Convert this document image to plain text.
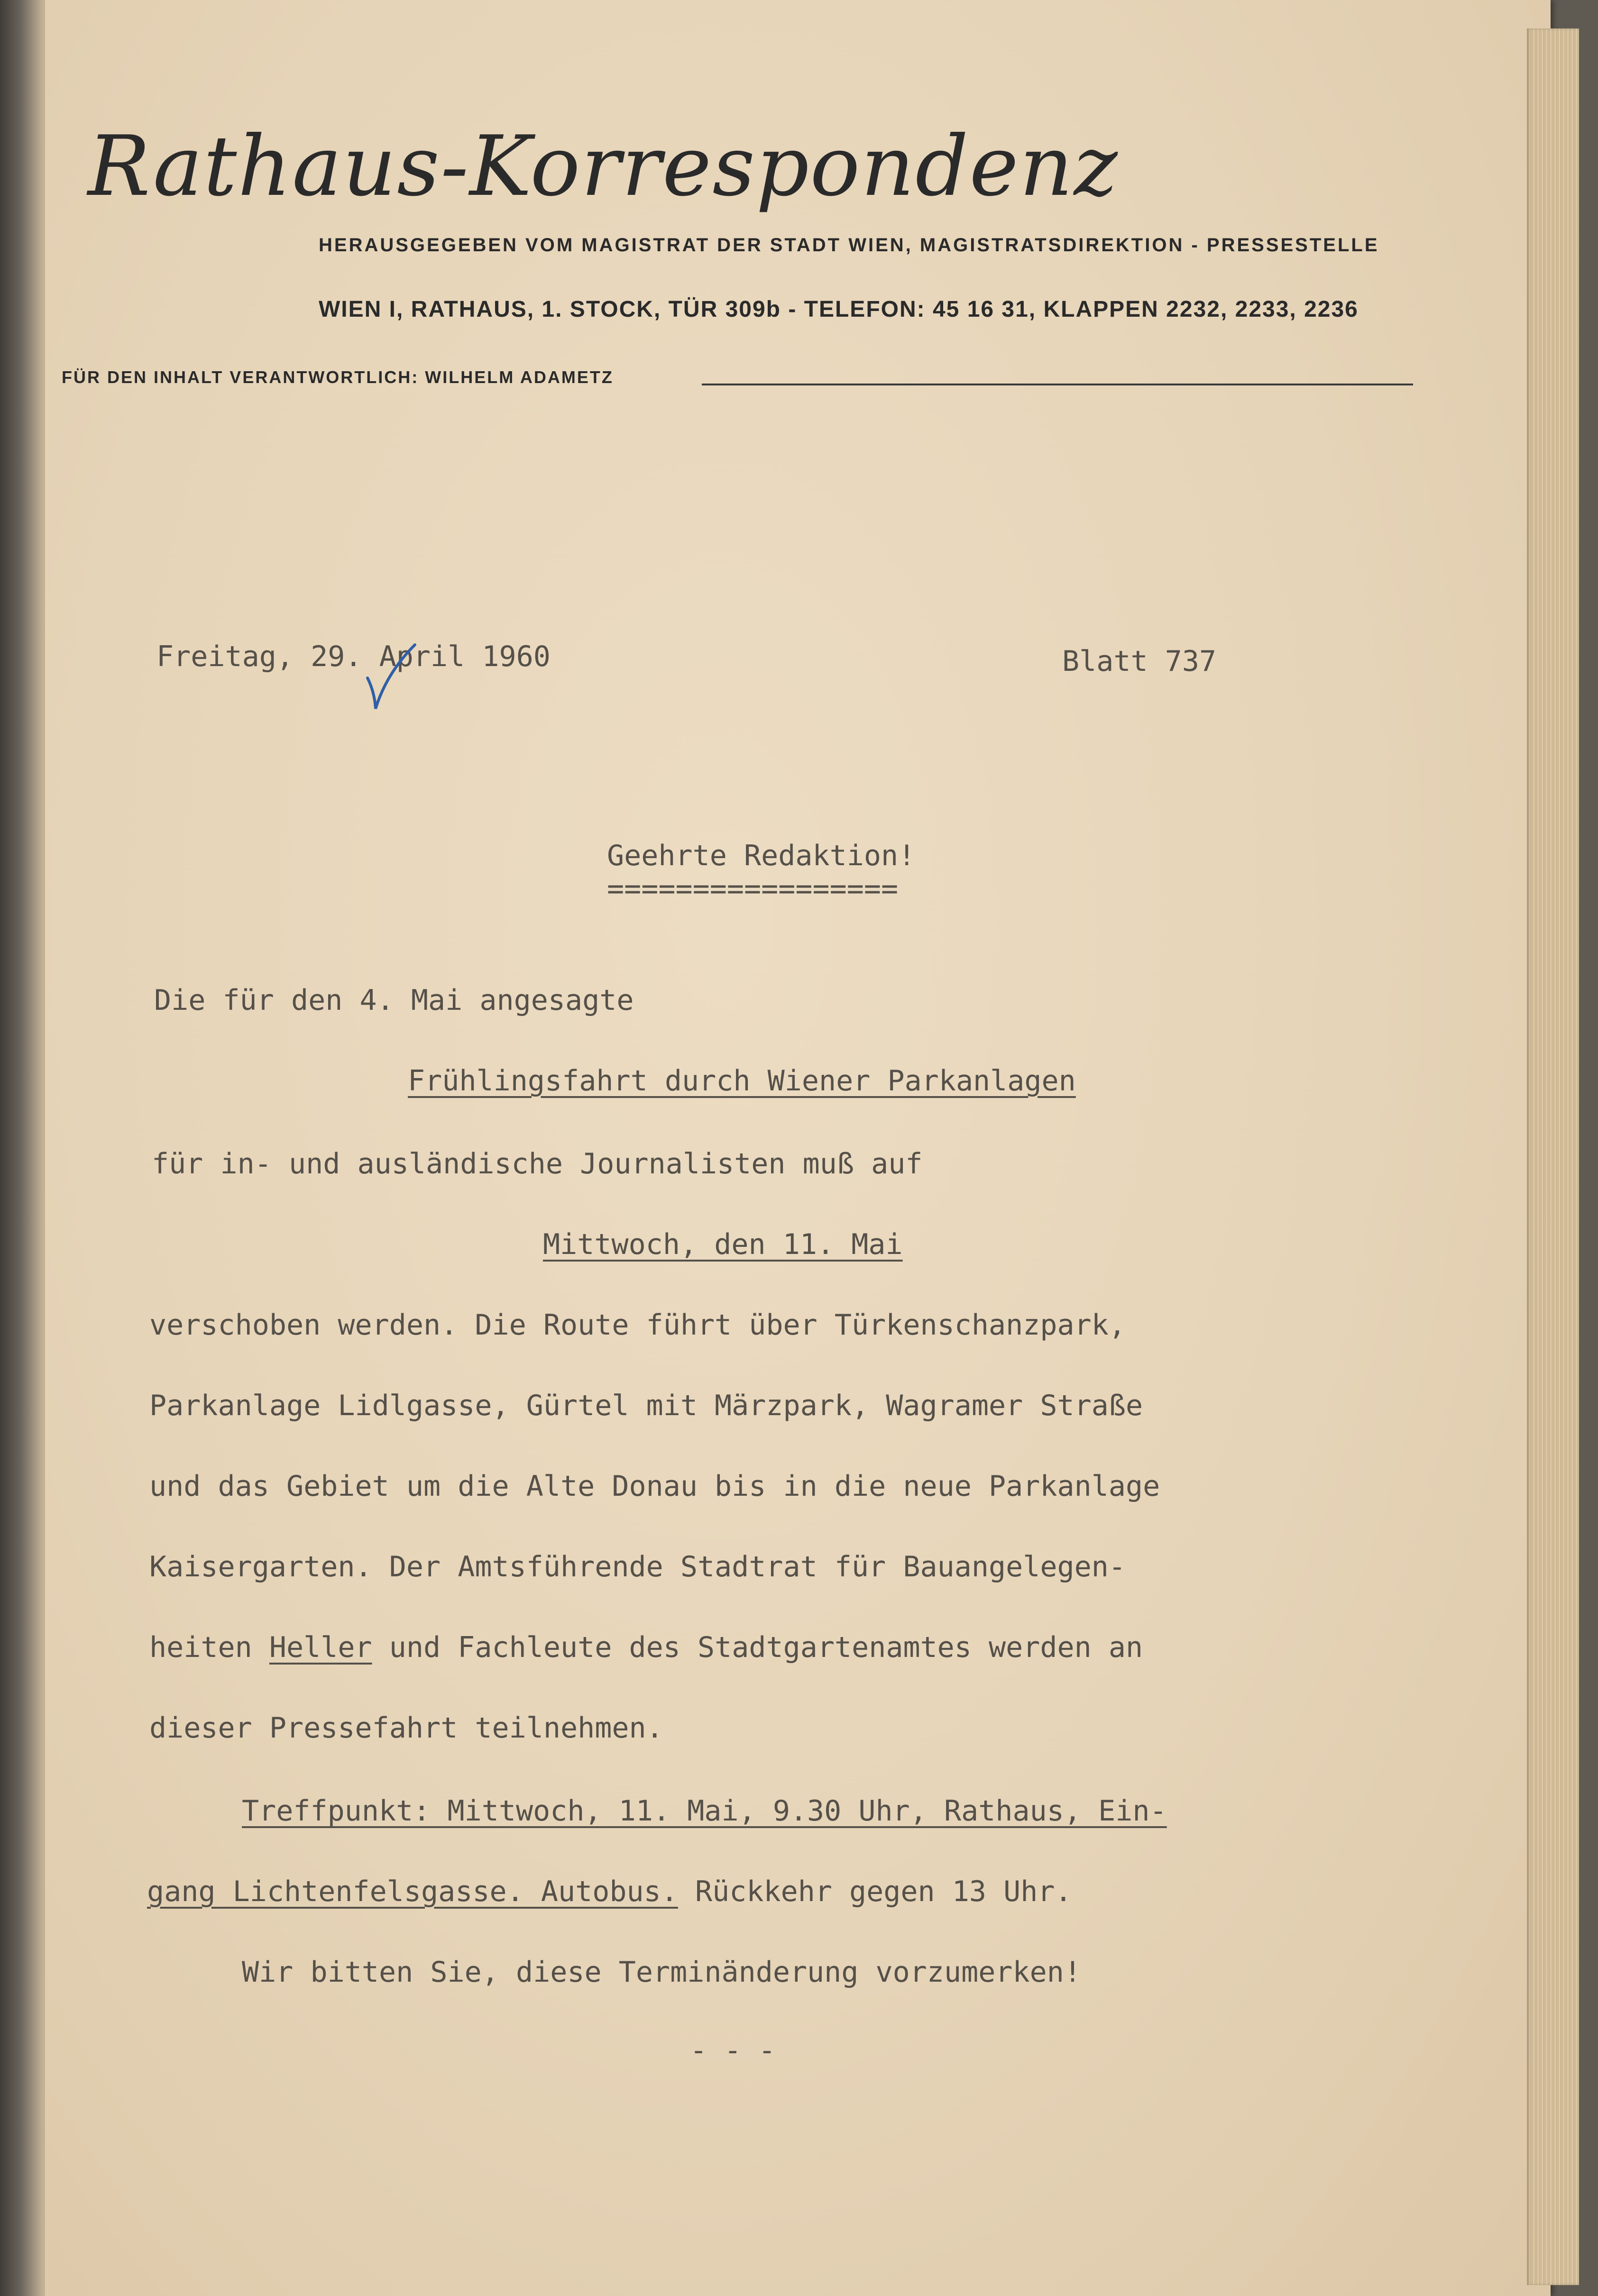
Rathaus-Korrespondenz

HERAUSGEGEBEN VOM MAGISTRAT DER STADT WIEN, MAGISTRATSDIREKTION - PRESSESTELLE

WIEN I, RATHAUS, 1. STOCK, TÜR 309b - TELEFON: 45 16 31, KLAPPEN 2232, 2233, 2236

FÜR DEN INHALT VERANTWORTLICH: WILHELM ADAMETZ

Freitag, 29. April 1960	Blatt 737

Geehrte Redaktion!

=================

Die für den 4. Mai angesagte

Frühlingsfahrt durch Wiener Parkanlagen

für in- und ausländische Journalisten muß auf

Mittwoch, den 11. Mai

verschoben werden. Die Route führt über Türkenschanzpark,

Parkanlage Lidlgasse, Gürtel mit Märzpark, Wagramer Straße

und das Gebiet um die Alte Donau bis in die neue Parkanlage

Kaisergarten. Der Amtsführende Stadtrat für Bauangelegen-

heiten Heller und Fachleute des Stadtgartenamtes werden an

dieser Pressefahrt teilnehmen.

Treffpunkt: Mittwoch, 11. Mai, 9.30 Uhr, Rathaus, Ein-

gang Lichtenfelsgasse. Autobus. Rückkehr gegen 13 Uhr.

Wir bitten Sie, diese Terminänderung vorzumerken!

- - -
